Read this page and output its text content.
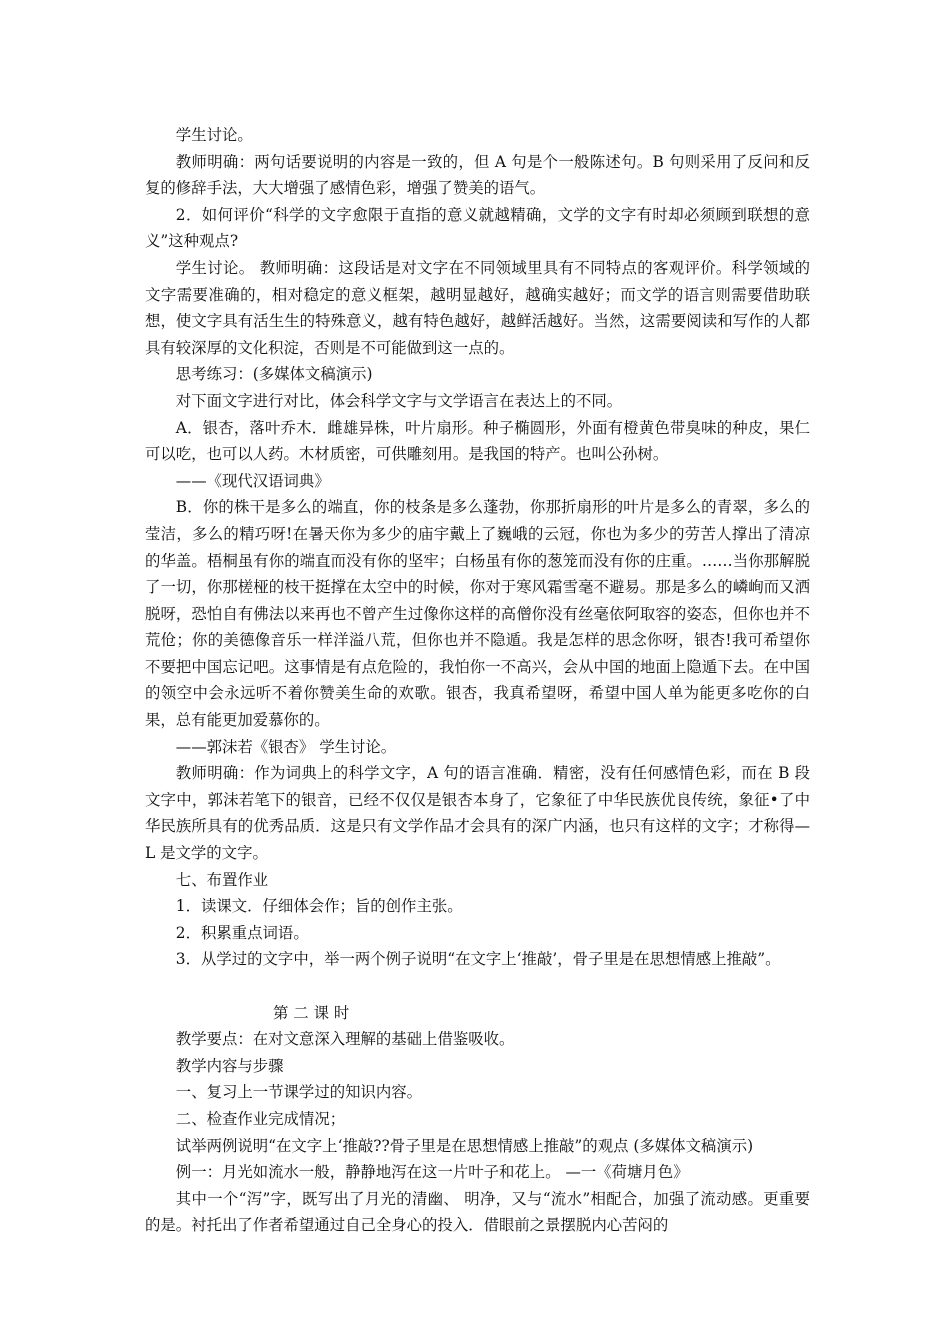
学生讨论。

教师明确：两句话要说明的内容是一致的，但 A 句是个一般陈述句。B 句则采用了反问和反复的修辞手法，大大增强了感情色彩，增强了赞美的语气。

2．如何评价“科学的文字愈限于直指的意义就越精确，文学的文字有时却必须顾到联想的意义”这种观点?

学生讨论。 教师明确：这段话是对文字在不同领域里具有不同特点的客观评价。科学领域的文字需要准确的，相对稳定的意义框架，越明显越好，越确实越好；而文学的语言则需要借助联想，使文字具有活生生的特殊意义，越有特色越好，越鲜活越好。当然，这需要阅读和写作的人都具有较深厚的文化积淀，否则是不可能做到这一点的。

思考练习：(多媒体文稿演示)

对下面文字进行对比，体会科学文字与文学语言在表达上的不同。

A．银杏，落叶乔木．雌雄异株，叶片扇形。种子椭圆形，外面有橙黄色带臭味的种皮，果仁可以吃，也可以人药。木材质密，可供雕刻用。是我国的特产。也叫公孙树。

——《现代汉语词典》

B．你的株干是多么的端直，你的枝条是多么蓬勃，你那折扇形的叶片是多么的青翠，多么的莹洁，多么的精巧呀!在暑天你为多少的庙宇戴上了巍峨的云冠，你也为多少的劳苦人撑出了清凉的华盖。梧桐虽有你的端直而没有你的坚牢；白杨虽有你的葱笼而没有你的庄重。……当你那解脱了一切，你那槎桠的枝干挺撑在太空中的时候，你对于寒风霜雪毫不避易。那是多么的嶙峋而又洒脱呀，恐怕自有佛法以来再也不曾产生过像你这样的高僧你没有丝毫依阿取容的姿态，但你也并不荒伧；你的美德像音乐一样洋溢八荒，但你也并不隐遁。我是怎样的思念你呀，银杏!我可希望你不要把中国忘记吧。这事情是有点危险的，我怕你一不高兴，会从中国的地面上隐遁下去。在中国的领空中会永远听不着你赞美生命的欢歌。银杏，我真希望呀，希望中国人单为能更多吃你的白果，总有能更加爱慕你的。

——郭沫若《银杏》 学生讨论。

教师明确：作为词典上的科学文字，A 句的语言准确．精密，没有任何感情色彩，而在 B 段文字中，郭沫若笔下的银音，已经不仅仅是银杏本身了，它象征了中华民族优良传统，象征•了中华民族所具有的优秀品质．这是只有文学作品才会具有的深广内涵，也只有这样的文字；才称得—L 是文学的文字。

七、布置作业

1．读课文．仔细体会作；旨的创作主张。

2．积累重点词语。

3．从学过的文字中，举一两个例子说明“在文字上‘推敲’，骨子里是在思想情感上推敲”。

第 二 课 时

教学要点：在对文意深入理解的基础上借鉴吸收。

教学内容与步骤

一、复习上一节课学过的知识内容。

二、检查作业完成情况；

试举两例说明“在文字上‘推敲??骨子里是在思想情感上推敲”的观点 (多媒体文稿演示)

例一：月光如流水一般，静静地泻在这一片叶子和花上。 —一《荷塘月色》

其中一个“泻”字，既写出了月光的清幽、 明净，又与“流水”相配合，加强了流动感。更重要的是。衬托出了作者希望通过自己全身心的投入．借眼前之景摆脱内心苦闷的
